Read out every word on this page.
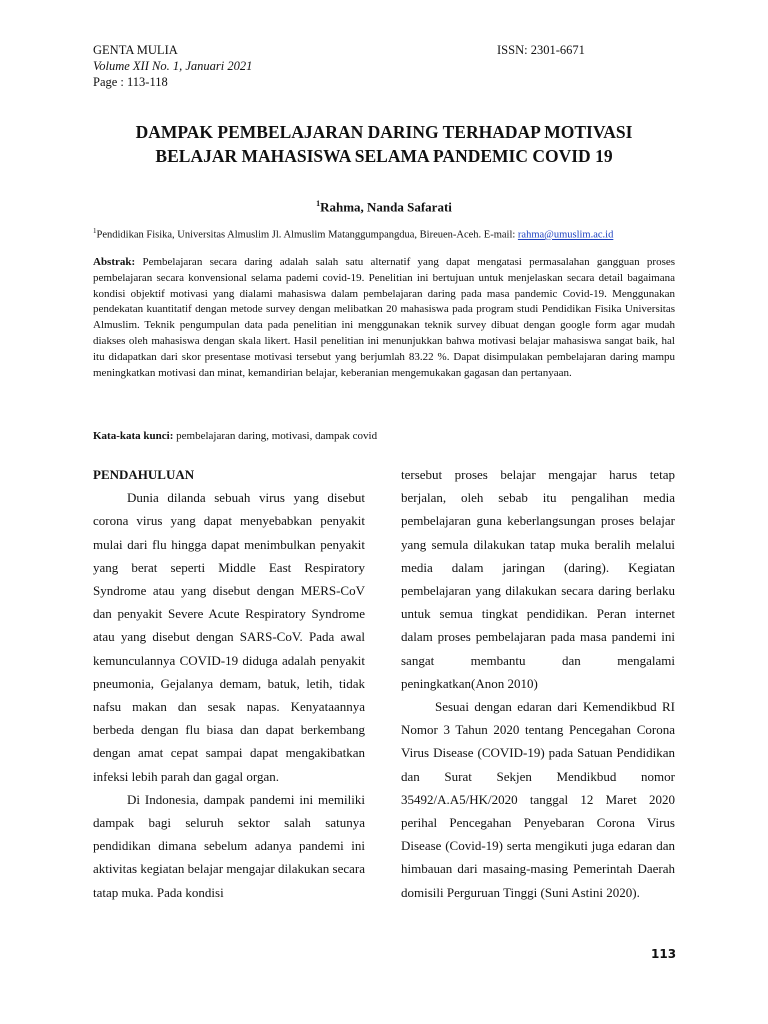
GENTA MULIA	ISSN: 2301-6671
Volume XII No. 1, Januari 2021
Page : 113-118
DAMPAK PEMBELAJARAN DARING TERHADAP MOTIVASI BELAJAR MAHASISWA SELAMA PANDEMIC COVID 19
$^1$Rahma, Nanda Safarati
$^1$Pendidikan Fisika, Universitas Almuslim Jl. Almuslim Matanggumpangdua, Bireuen-Aceh. E-mail: rahma@umuslim.ac.id
Abstrak: Pembelajaran secara daring adalah salah satu alternatif yang dapat mengatasi permasalahan gangguan proses pembelajaran secara konvensional selama pademi covid-19. Penelitian ini bertujuan untuk menjelaskan secara detail bagaimana kondisi objektif motivasi yang dialami mahasiswa dalam pembelajaran daring pada masa pandemic Covid-19. Menggunakan pendekatan kuantitatif dengan metode survey dengan melibatkan 20 mahasiswa pada program studi Pendidikan Fisika Universitas Almuslim. Teknik pengumpulan data pada penelitian ini menggunakan teknik survey dibuat dengan google form agar mudah diakses oleh mahasiswa dengan skala likert. Hasil penelitian ini menunjukkan bahwa motivasi belajar mahasiswa sangat baik, hal itu didapatkan dari skor presentase motivasi tersebut yang berjumlah 83.22 %. Dapat disimpulakan pembelajaran daring mampu meningkatkan motivasi dan minat, kemandirian belajar, keberanian mengemukakan gagasan dan pertanyaan.
Kata-kata kunci: pembelajaran daring, motivasi, dampak covid

PENDAHULUAN

Dunia dilanda sebuah virus yang disebut corona virus yang dapat menyebabkan penyakit mulai dari flu hingga dapat menimbulkan penyakit yang berat seperti Middle East Respiratory Syndrome atau yang disebut dengan MERS-CoV dan penyakit Severe Acute Respiratory Syndrome atau yang disebut dengan SARS-CoV. Pada awal kemunculannya COVID-19 diduga adalah penyakit pneumonia, Gejalanya demam, batuk, letih, tidak nafsu makan dan sesak napas. Kenyataannya berbeda dengan flu biasa dan dapat berkembang dengan amat cepat sampai dapat mengakibatkan infeksi lebih parah dan gagal organ.

Di Indonesia, dampak pandemi ini memiliki dampak bagi seluruh sektor salah satunya pendidikan dimana sebelum adanya pandemi ini aktivitas kegiatan belajar mengajar dilakukan secara tatap muka. Pada kondisi

tersebut proses belajar mengajar harus tetap berjalan, oleh sebab itu pengalihan media pembelajaran guna keberlangsungan proses belajar yang semula dilakukan tatap muka beralih melalui media dalam jaringan (daring). Kegiatan pembelajaran yang dilakukan secara daring berlaku untuk semua tingkat pendidikan. Peran internet dalam proses pembelajaran pada masa pandemi ini sangat membantu dan mengalami peningkatkan(Anon 2010)

Sesuai dengan edaran dari Kemendikbud RI Nomor 3 Tahun 2020 tentang Pencegahan Corona Virus Disease (COVID-19) pada Satuan Pendidikan dan Surat Sekjen Mendikbud nomor 35492/A.A5/HK/2020 tanggal 12 Maret 2020 perihal Pencegahan Penyebaran Corona Virus Disease (Covid-19) serta mengikuti juga edaran dan himbauan dari masaing-masing Pemerintah Daerah domisili Perguruan Tinggi (Suni Astini 2020).

113
